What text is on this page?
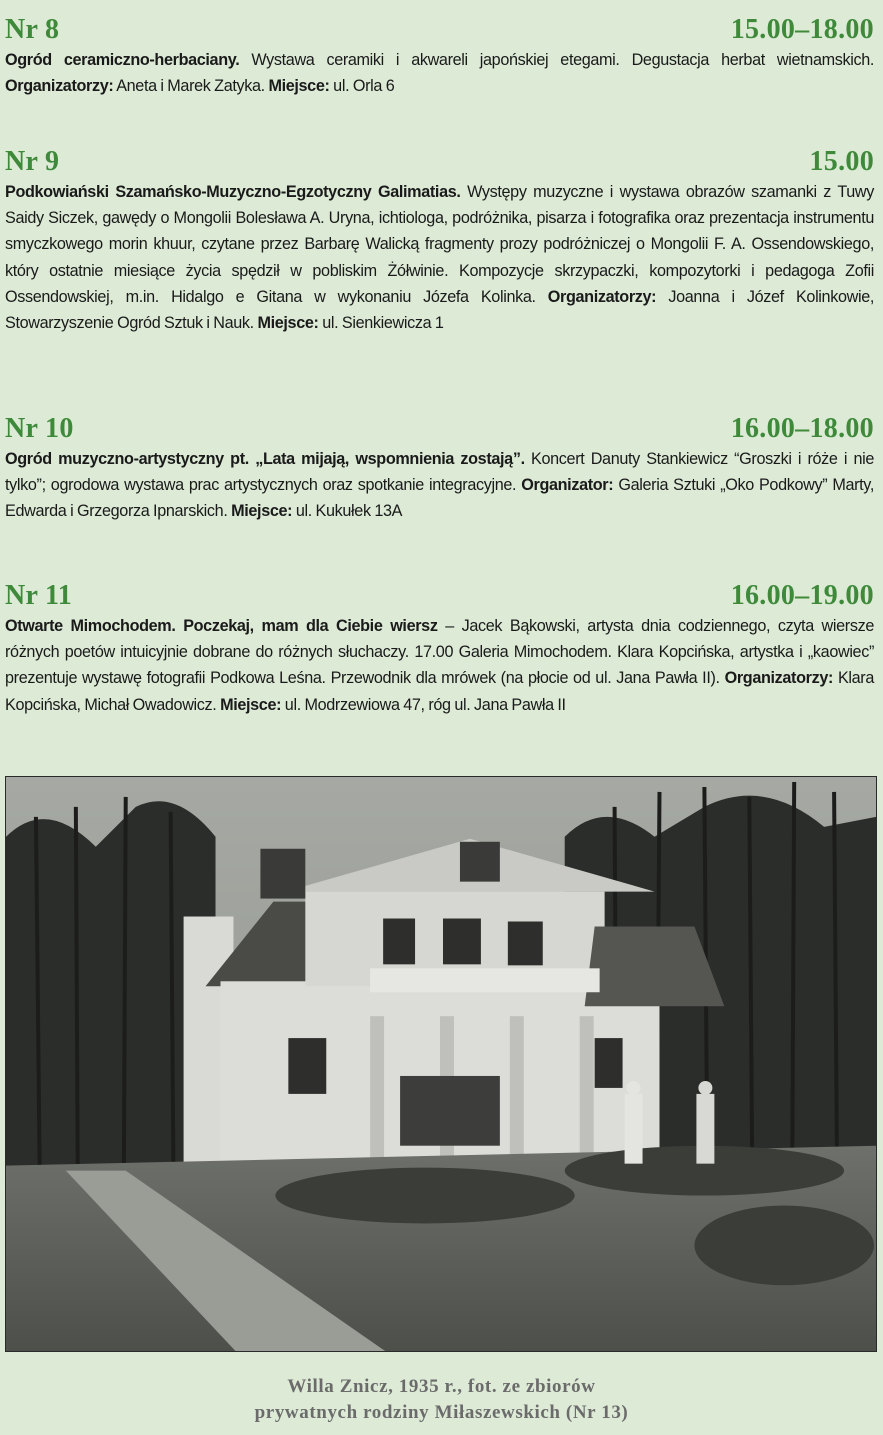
Nr 8	15.00–18.00
Ogród ceramiczno-herbaciany. Wystawa ceramiki i akwareli japońskiej etegami. Degustacja herbat wietnamskich. Organizatorzy: Aneta i Marek Zatyka. Miejsce: ul. Orla 6
Nr 9	15.00
Podkowiański Szamańsko-Muzyczno-Egzotyczny Galimatias. Występy muzyczne i wystawa obrazów szamanki z Tuwy Saidy Siczek, gawędy o Mongolii Bolesława A. Uryna, ichtiologa, podróżnika, pisarza i fotografika oraz prezentacja instrumentu smyczkowego morin khuur, czytane przez Barbarę Walicką fragmenty prozy podróżniczej o Mongolii F. A. Ossendowskiego, który ostatnie miesiące życia spędził w pobliskim Żółwinie. Kompozycje skrzypaczki, kompozytorki i pedagoga Zofii Ossendowskiej, m.in. Hidalgo e Gitana w wykonaniu Józefa Kolinka. Organizatorzy: Joanna i Józef Kolinkowie, Stowarzyszenie Ogród Sztuk i Nauk. Miejsce: ul. Sienkiewicza 1
Nr 10	16.00–18.00
Ogród muzyczno-artystyczny pt. „Lata mijają, wspomnienia zostają”. Koncert Danuty Stankiewicz “Groszki i róże i nie tylko”; ogrodowa wystawa prac artystycznych oraz spotkanie integracyjne. Organizator: Galeria Sztuki „Oko Podkowy” Marty, Edwarda i Grzegorza Ipnarskich. Miejsce: ul. Kukułek 13A
Nr 11	16.00–19.00
Otwarte Mimochodem. Poczekaj, mam dla Ciebie wiersz – Jacek Bąkowski, artysta dnia codziennego, czyta wiersze różnych poetów intuicyjnie dobrane do różnych słuchaczy. 17.00 Galeria Mimochodem. Klara Kopcińska, artystka i „kaowiec” prezentuje wystawę fotografii Podkowa Leśna. Przewodnik dla mrówek (na płocie od ul. Jana Pawła II). Organizatorzy: Klara Kopcińska, Michał Owadowicz. Miejsce: ul. Modrzewiowa 47, róg ul. Jana Pawła II
Willa Znicz, 1935 r., fot. ze zbiorów
prywatnych rodziny Miłaszewskich (Nr 13)
